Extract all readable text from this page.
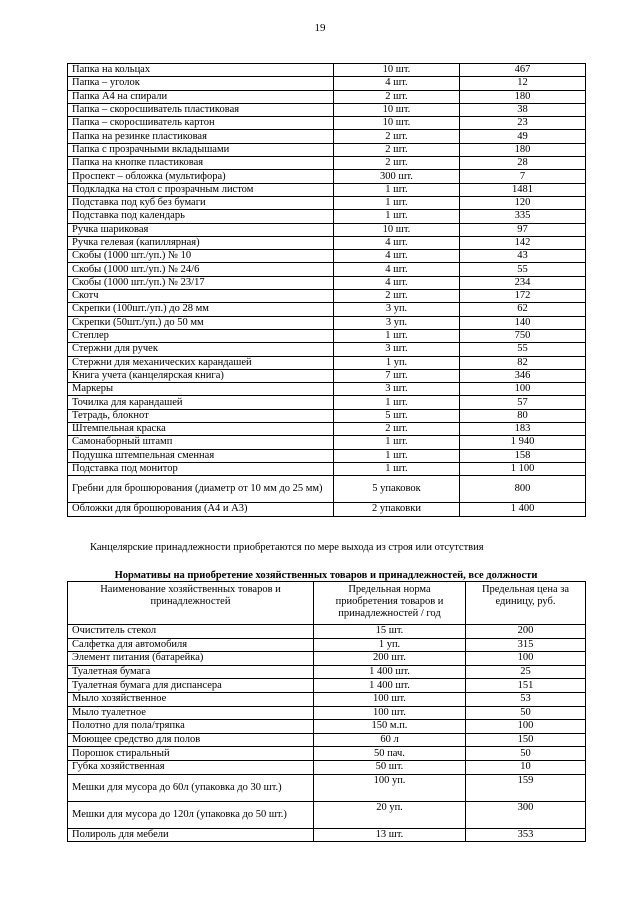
19
Папка на кольцах	10 шт.	467
Папка – уголок	4 шт.	12
Папка А4 на спирали	2 шт.	180
Папка – скоросшиватель пластиковая	10 шт.	38
Папка – скоросшиватель картон	10 шт.	23
Папка на резинке пластиковая	2 шт.	49
Папка с прозрачными вкладышами	2 шт.	180
Папка на кнопке пластиковая	2 шт.	28
Проспект – обложка (мультифора)	300 шт.	7
Подкладка на стол с прозрачным листом	1 шт.	1481
Подставка под куб без бумаги	1 шт.	120
Подставка под календарь	1 шт.	335
Ручка шариковая	10 шт.	97
Ручка гелевая (капиллярная)	4 шт.	142
Скобы (1000 шт./уп.) № 10	4 шт.	43
Скобы (1000 шт./уп.) № 24/6	4 шт.	55
Скобы (1000 шт./уп.) № 23/17	4 шт.	234
Скотч	2 шт.	172
Скрепки (100шт./уп.) до 28 мм	3 уп.	62
Скрепки (50шт./уп.) до 50 мм	3 уп.	140
Степлер	1 шт.	750
Стержни для ручек	3 шт.	55
Стержни для механических карандашей	1 уп.	82
Книга учета (канцелярская книга)	7 шт.	346
Маркеры	3 шт.	100
Точилка для карандашей	1 шт.	57
Тетрадь, блокнот	5 шт.	80
Штемпельная краска	2 шт.	183
Самонаборный штамп	1 шт.	1 940
Подушка штемпельная сменная	1 шт.	158
Подставка под монитор	1 шт.	1 100
Гребни для брошюрования (диаметр от 10 мм до 25 мм)	5 упаковок	800
Обложки для брошюрования (А4 и А3)	2 упаковки	1 400
Канцелярские принадлежности приобретаются по мере выхода из строя или отсутствия
Нормативы на приобретение хозяйственных товаров и принадлежностей, все должности
Наименование хозяйственных товаров и принадлежностей	Предельная норма приобретения товаров и принадлежностей / год	Предельная цена за единицу, руб.
Очиститель стекол	15 шт.	200
Салфетка для автомобиля	1 уп.	315
Элемент питания (батарейка)	200 шт.	100
Туалетная бумага	1 400 шт.	25
Туалетная бумага для диспансера	1 400 шт.	151
Мыло хозяйственное	100 шт.	53
Мыло туалетное	100 шт.	50
Полотно для пола/тряпка	150 м.п.	100
Моющее средство для полов	60 л	150
Порошок стиральный	50 пач.	50
Губка хозяйственная	50 шт.	10
Мешки для мусора до 60л (упаковка до 30 шт.)	100 уп.	159
Мешки для мусора до 120л (упаковка до 50 шт.)	20 уп.	300
Полироль для мебели	13 шт.	353
